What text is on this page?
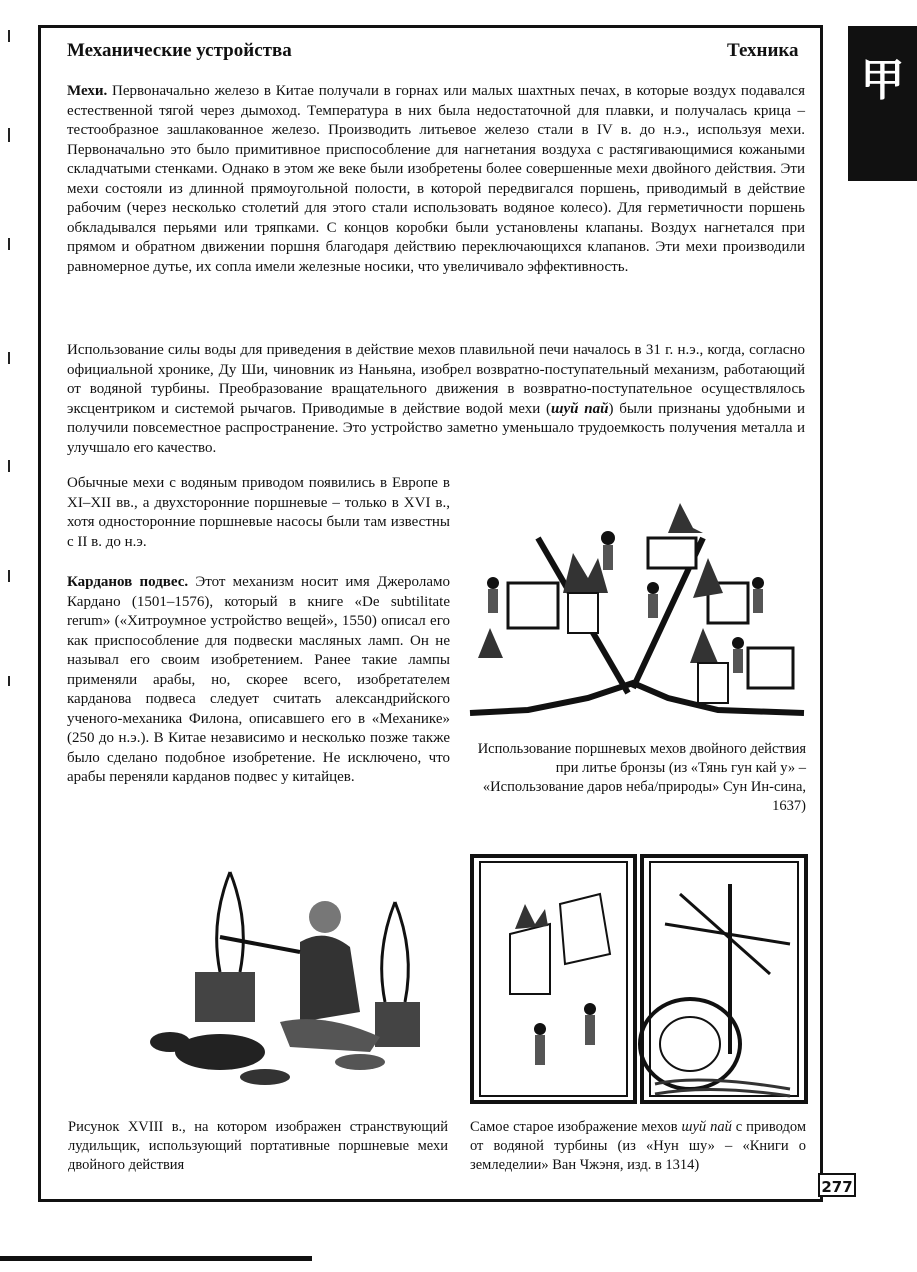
甲
Механические устройства	Техника
Мехи. Первоначально железо в Китае получали в горнах или малых шахтных печах, в которые воздух подавался естественной тягой через дымоход. Температура в них была недостаточной для плавки, и получалась крица – тестообразное зашлакованное железо. Производить литьевое железо стали в IV в. до н.э., используя мехи. Первоначально это было примитивное приспособление для нагнетания воздуха с растягивающимися кожаными складчатыми стенками. Однако в этом же веке были изобретены более совершенные мехи двойного действия. Эти мехи состояли из длинной прямоугольной полости, в которой передвигался поршень, приводимый в действие рабочим (через несколько столетий для этого стали использовать водяное колесо). Для герметичности поршень обкладывался перьями или тряпками. С концов коробки были установлены клапаны. Воздух нагнетался при прямом и обратном движении поршня благодаря действию переключающихся клапанов. Эти мехи производили равномерное дутье, их сопла имели железные носики, что увеличивало эффективность.
Использование силы воды для приведения в действие мехов плавильной печи началось в 31 г. н.э., когда, согласно официальной хронике, Ду Ши, чиновник из Наньяна, изобрел возвратно-поступательный механизм, работающий от водяной турбины. Преобразование вращательного движения в возвратно-поступательное осуществлялось эксцентриком и системой рычагов. Приводимые в действие водой мехи (шуй пай) были признаны удобными и получили повсеместное распространение. Это устройство заметно уменьшало трудоемкость получения металла и улучшало его качество.
Обычные мехи с водяным приводом появились в Европе в XI–XII вв., а двухсторонние поршневые – только в XVI в., хотя односторонние поршневые насосы были там известны с II в. до н.э.
Карданов подвес. Этот механизм носит имя Джероламо Кардано (1501–1576), который в книге «De subtilitate rerum» («Хитроумное устройство вещей», 1550) описал его как приспособление для подвески масляных ламп. Он не называл его своим изобретением. Ранее такие лампы применяли арабы, но, скорее всего, изобретателем карданова подвеса следует считать александрийского ученого-механика Филона, описавшего его в «Механике» (250 до н.э.). В Китае независимо и несколько позже также было сделано подобное изобретение. Не исключено, что арабы переняли карданов подвес у китайцев.
Использование поршневых мехов двойного действия при литье бронзы (из «Тянь гун кай у» – «Использование даров неба/природы» Сун Ин-сина, 1637)
Рисунок XVIII в., на котором изображен странствующий лудильщик, использующий портативные поршневые мехи двойного действия
Самое старое изображение мехов шуй пай с приводом от водяной турбины (из «Нун шу» – «Книги о земледелии» Ван Чжэня, изд. в 1314)
277
